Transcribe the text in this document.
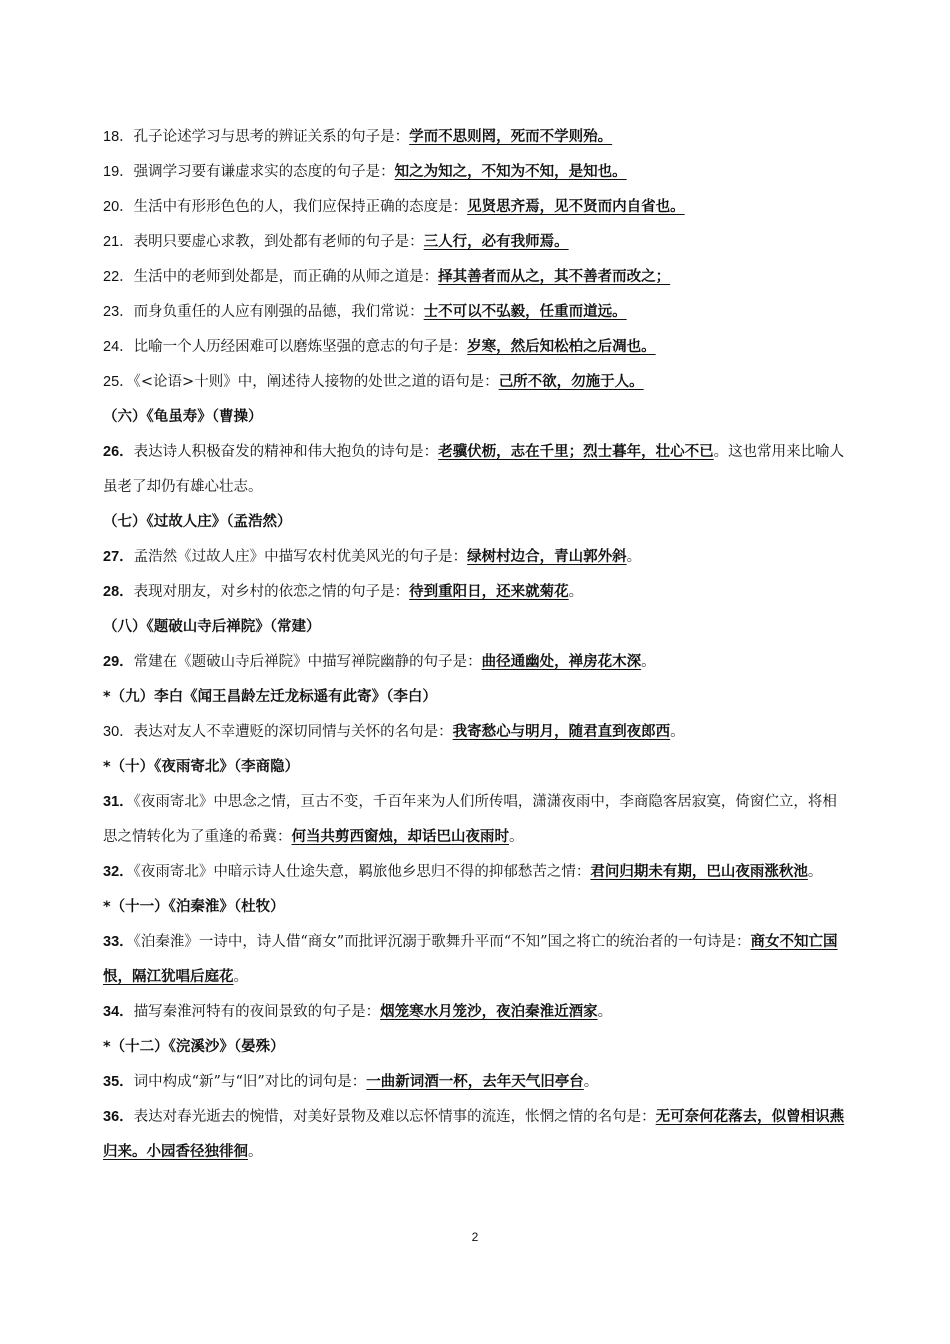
18．孔子论述学习与思考的辨证关系的句子是：学而不思则罔，死而不学则殆。
19．强调学习要有谦虚求实的态度的句子是：知之为知之，不知为不知，是知也。
20．生活中有形形色色的人，我们应保持正确的态度是：见贤思齐焉，见不贤而内自省也。
21．表明只要虚心求教，到处都有老师的句子是：三人行，必有我师焉。
22．生活中的老师到处都是，而正确的从师之道是：择其善者而从之，其不善者而改之；
23．而身负重任的人应有刚强的品德，我们常说：士不可以不弘毅，任重而道远。
24．比喻一个人历经困难可以磨炼坚强的意志的句子是：岁寒，然后知松柏之后凋也。
25．《<论语>十则》中，阐述待人接物的处世之道的语句是：己所不欲，勿施于人。
（六）《龟虽寿》（曹操）
26．表达诗人积极奋发的精神和伟大抱负的诗句是：老骥伏枥，志在千里；烈士暮年，壮心不已。这也常用来比喻人虽老了却仍有雄心壮志。
（七）《过故人庄》（孟浩然）
27．孟浩然《过故人庄》中描写农村优美风光的句子是：绿树村边合，青山郭外斜。
28．表现对朋友，对乡村的依恋之情的句子是：待到重阳日，还来就菊花。
（八）《题破山寺后禅院》（常建）
29．常建在《题破山寺后禅院》中描写禅院幽静的句子是：曲径通幽处，禅房花木深。
*（九）李白《闻王昌龄左迁龙标遥有此寄》（李白）
30．表达对友人不幸遭贬的深切同情与关怀的名句是：我寄愁心与明月，随君直到夜郎西。
*（十）《夜雨寄北》（李商隐）
31．《夜雨寄北》中思念之情，亘古不变，千百年来为人们所传唱，潇潇夜雨中，李商隐客居寂寞，倚窗伫立，将相思之情转化为了重逢的希冀：何当共剪西窗烛，却话巴山夜雨时。
32．《夜雨寄北》中暗示诗人仕途失意，羁旅他乡思归不得的抑郁愁苦之情：君问归期未有期，巴山夜雨涨秋池。
*（十一）《泊秦淮》（杜牧）
33．《泊秦淮》一诗中，诗人借“商女”而批评沉溺于歌舞升平而“不知”国之将亡的统治者的一句诗是：商女不知亡国恨，隔江犹唱后庭花。
34．描写秦淮河特有的夜间景致的句子是：烟笼寒水月笼沙，夜泊秦淮近酒家。
*（十二）《浣溪沙》（晏殊）
35．词中构成“新”与“旧”对比的词句是：一曲新词酒一杯，去年天气旧亭台。
36．表达对春光逝去的惋惜，对美好景物及难以忘怀情事的流连，怅惘之情的名句是：无可奈何花落去，似曾相识燕归来。小园香径独徘徊。
2
